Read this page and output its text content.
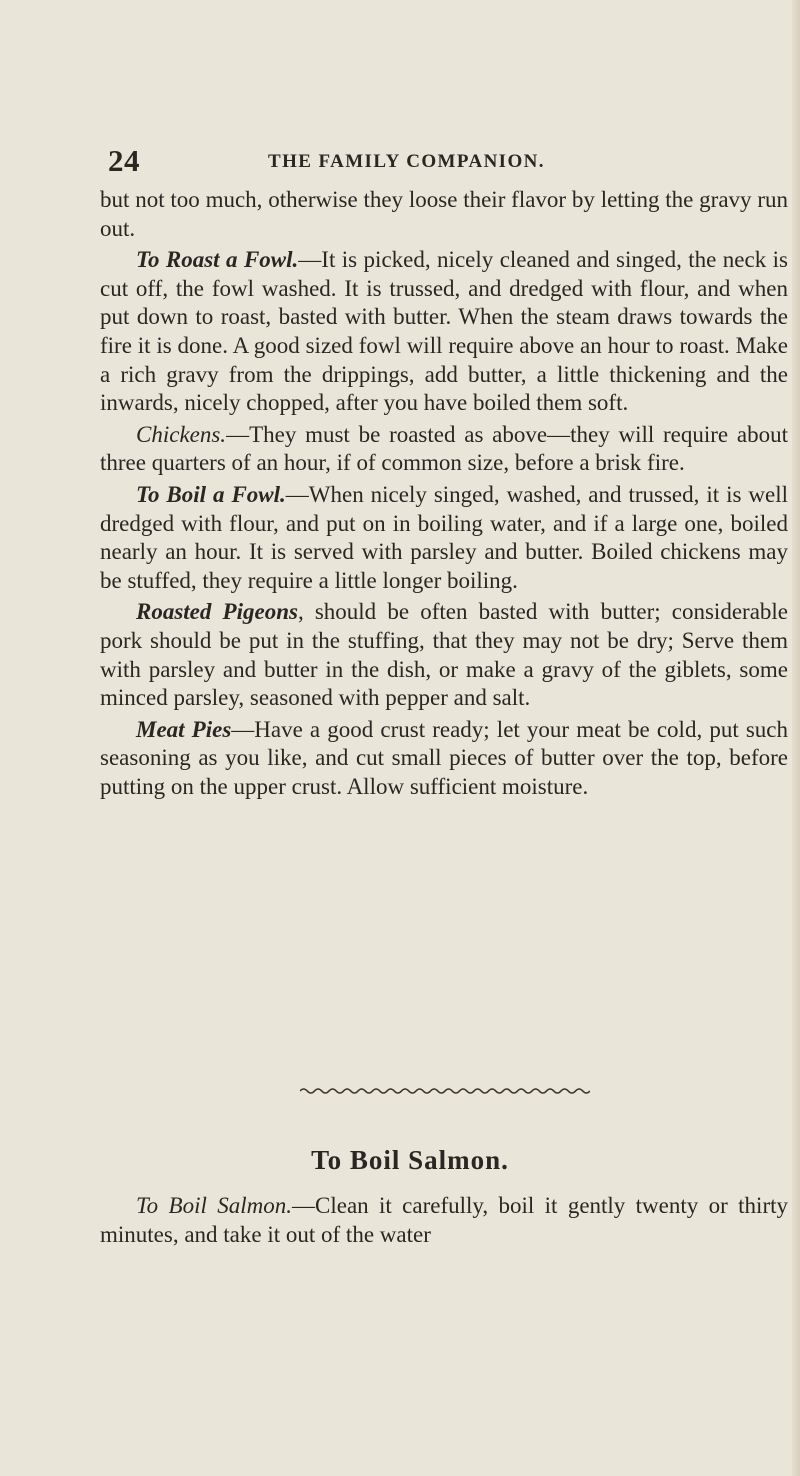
24	THE FAMILY COMPANION.

but not too much, otherwise they loose their flavor by letting the gravy run out.

To Roast a Fowl.—It is picked, nicely cleaned and singed, the neck is cut off, the fowl washed. It is trussed, and dredged with flour, and when put down to roast, basted with butter. When the steam draws towards the fire it is done. A good sized fowl will require above an hour to roast. Make a rich gravy from the drippings, add butter, a little thickening and the inwards, nicely chopped, after you have boiled them soft.

Chickens.—They must be roasted as above—they will require about three quarters of an hour, if of common size, before a brisk fire.

To Boil a Fowl.—When nicely singed, washed, and trussed, it is well dredged with flour, and put on in boiling water, and if a large one, boiled nearly an hour. It is served with parsley and butter. Boiled chickens may be stuffed, they require a little longer boiling.

Roasted Pigeons, should be often basted with butter; considerable pork should be put in the stuffing, that they may not be dry; Serve them with parsley and butter in the dish, or make a gravy of the giblets, some minced parsley, seasoned with pepper and salt.

Meat Pies—Have a good crust ready; let your meat be cold, put such seasoning as you like, and cut small pieces of butter over the top, before putting on the upper crust. Allow sufficient moisture.

To Boil Salmon.

To Boil Salmon.—Clean it carefully, boil it gently twenty or thirty minutes, and take it out of the water
